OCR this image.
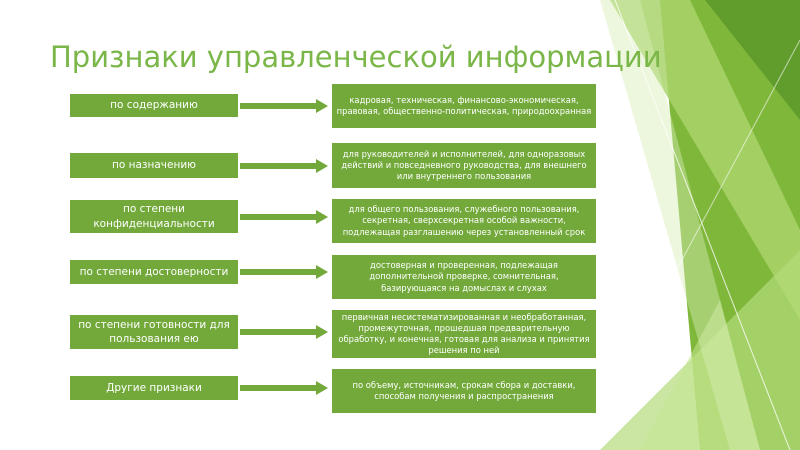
Признаки управленческой информации
по содержанию	кадровая, техническая, финансово-экономическая, правовая, общественно-политическая, природоохранная
по назначению
для руководителей и исполнителей, для одноразовых действий и повседневного руководства, для внешнего или внутреннего пользования
по степени конфиденциальности
для общего пользования, служебного пользования, секретная, сверхсекретная особой важности, подлежащая разглашению через установленный срок
по степени достоверности
достоверная и проверенная, подлежащая дополнительной проверке, сомнительная, базирующаяся на домыслах и слухах
по степени готовности для пользования ею
первичная несистематизированная и необработанная, промежуточная, прошедшая предварительную обработку, и конечная, готовая для анализа и принятия решения по ней
Другие признаки	по объему, источникам, срокам сбора и доставки, способам получения и распространения
